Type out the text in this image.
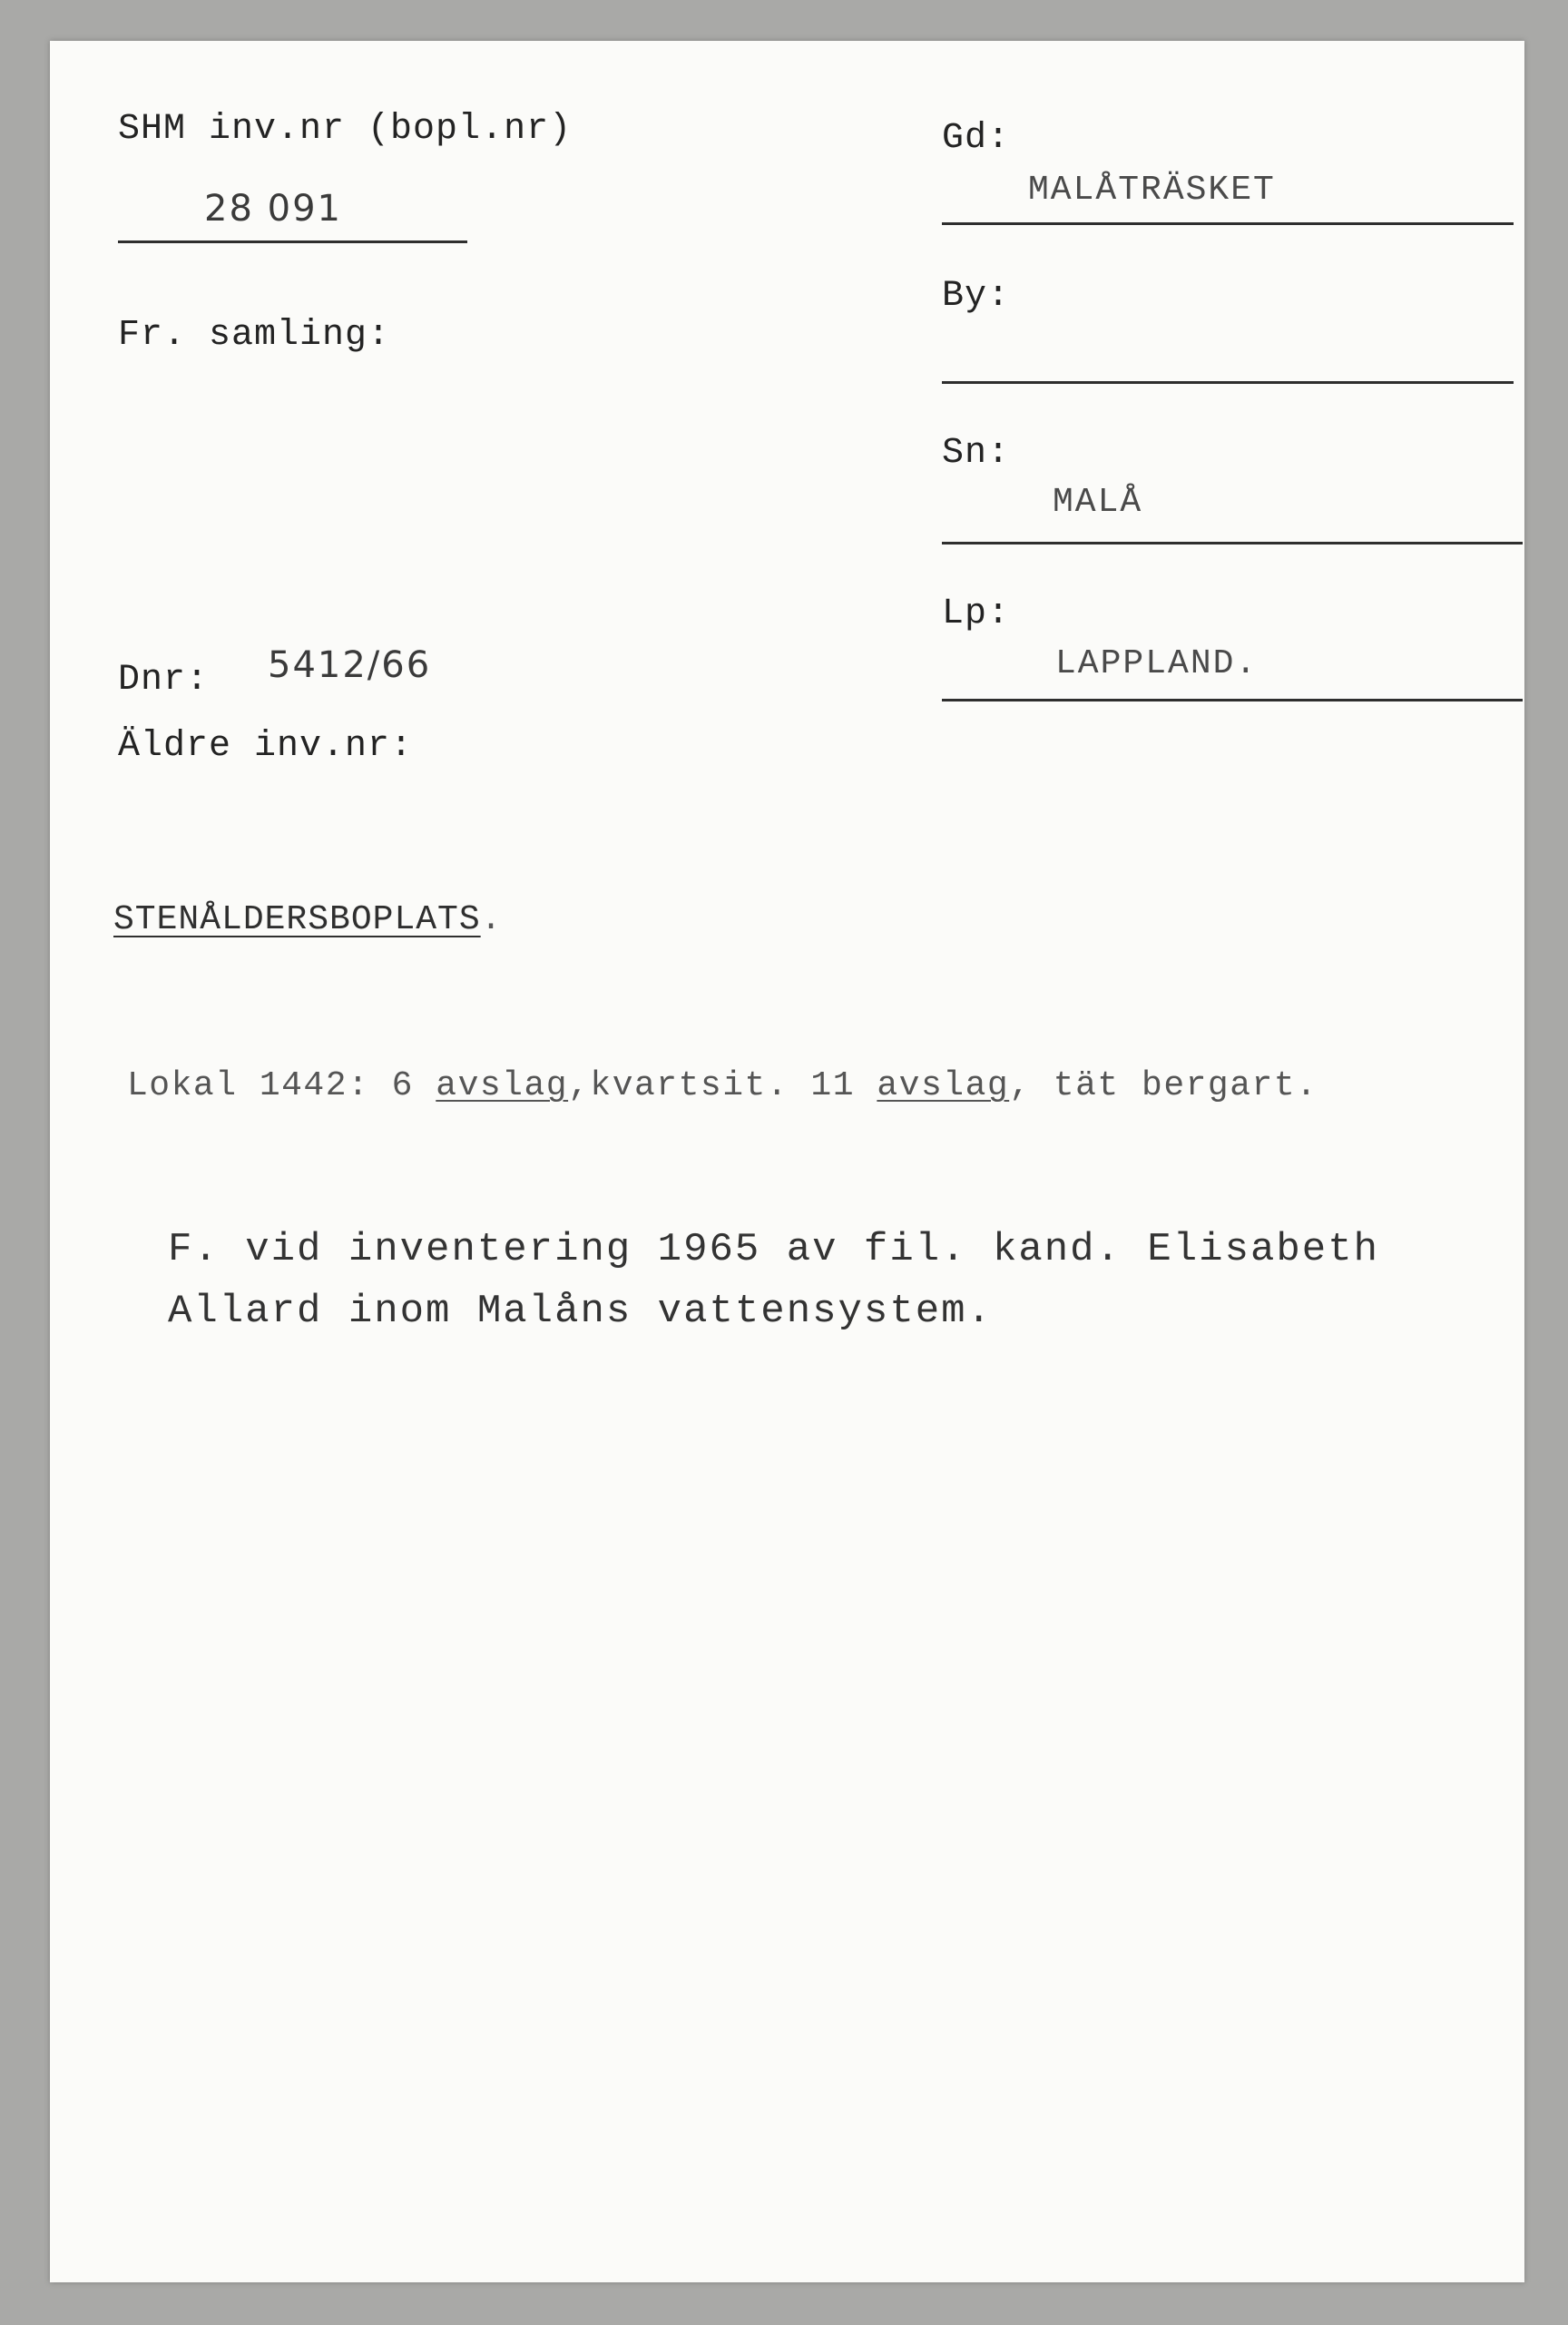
SHM inv.nr (bopl.nr)
28 091
Fr. samling:
Dnr: 5412/66
Äldre inv.nr:
Gd:
MALÅTRÄSKET
By:
Sn:
MALÅ
Lp:
LAPPLAND.
STENÅLDERSBOPLATS.
Lokal 1442: 6 avslag,kvartsit. 11 avslag, tät bergart.
F. vid inventering 1965 av fil. kand. Elisabeth
Allard inom Malåns vattensystem.
